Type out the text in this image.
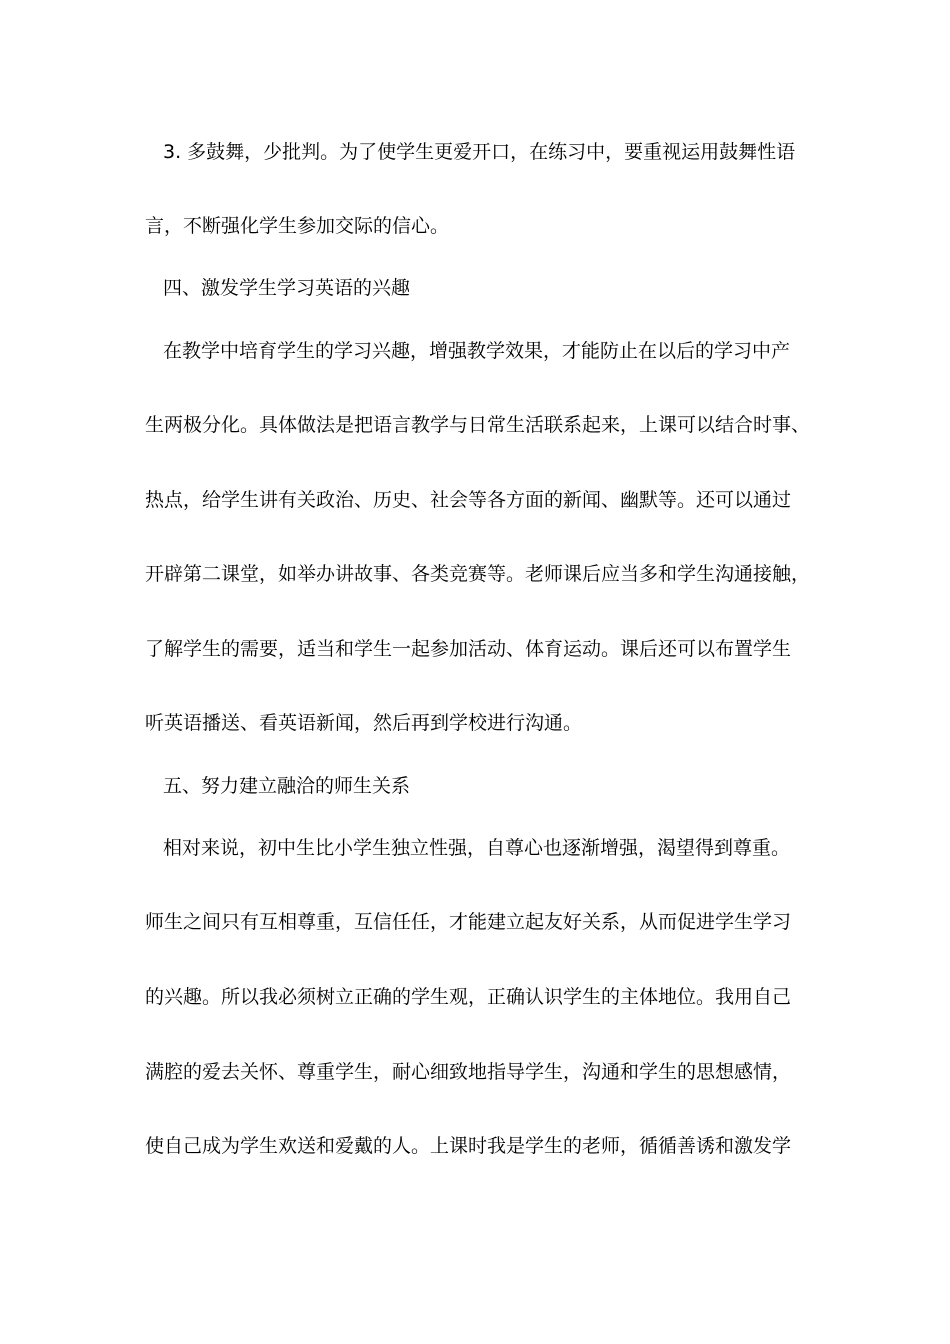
3. 多鼓舞，少批判。为了使学生更爱开口，在练习中，要重视运用鼓舞性语
言，不断强化学生参加交际的信心。
四、激发学生学习英语的兴趣
在教学中培育学生的学习兴趣，增强教学效果，才能防止在以后的学习中产
生两极分化。具体做法是把语言教学与日常生活联系起来，上课可以结合时事、
热点，给学生讲有关政治、历史、社会等各方面的新闻、幽默等。还可以通过
开辟第二课堂，如举办讲故事、各类竞赛等。老师课后应当多和学生沟通接触，
了解学生的需要，适当和学生一起参加活动、体育运动。课后还可以布置学生
听英语播送、看英语新闻，然后再到学校进行沟通。
五、努力建立融洽的师生关系
相对来说，初中生比小学生独立性强，自尊心也逐渐增强，渴望得到尊重。
师生之间只有互相尊重，互信任任，才能建立起友好关系，从而促进学生学习
的兴趣。所以我必须树立正确的学生观，正确认识学生的主体地位。我用自己
满腔的爱去关怀、尊重学生，耐心细致地指导学生，沟通和学生的思想感情，
使自己成为学生欢送和爱戴的人。上课时我是学生的老师，循循善诱和激发学
